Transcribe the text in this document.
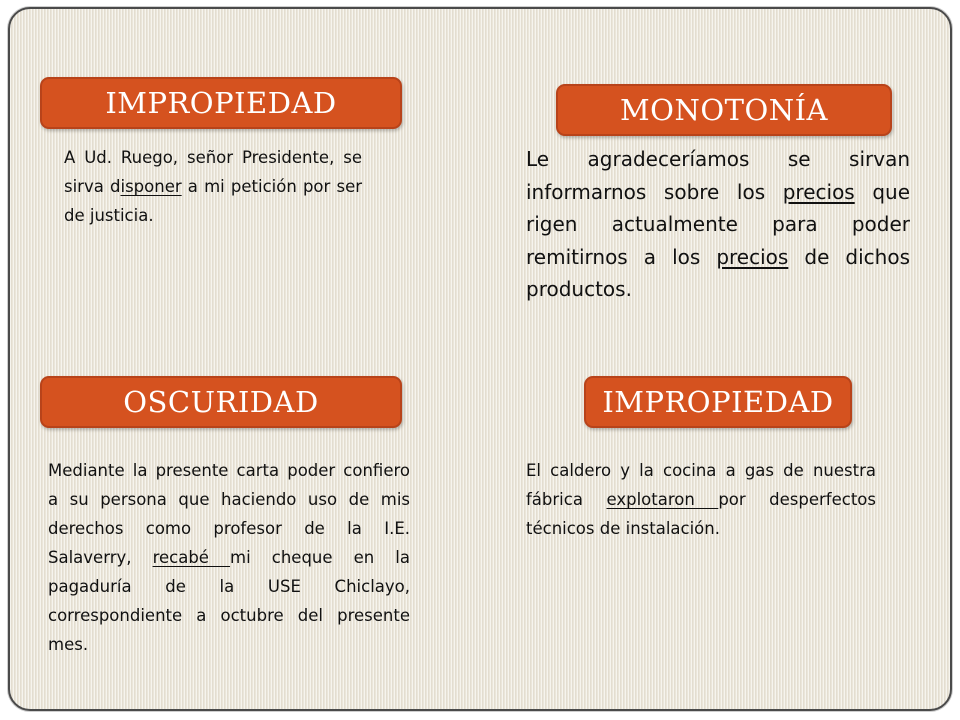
IMPROPIEDAD

A Ud. Ruego, señor Presidente, se sirva disponer a mi petición por ser de justicia.

MONOTONÍA

Le agradeceríamos se sirvan informarnos sobre los precios que rigen actualmente para poder remitirnos a los precios de dichos productos.

OSCURIDAD

Mediante la presente carta poder confiero a su persona que haciendo uso de mis derechos como profesor de la I.E. Salaverry, recabé mi cheque en la pagaduría de la USE Chiclayo, correspondiente a octubre del presente mes.

IMPROPIEDAD

El caldero y la cocina a gas de nuestra fábrica explotaron por desperfectos técnicos de instalación.
